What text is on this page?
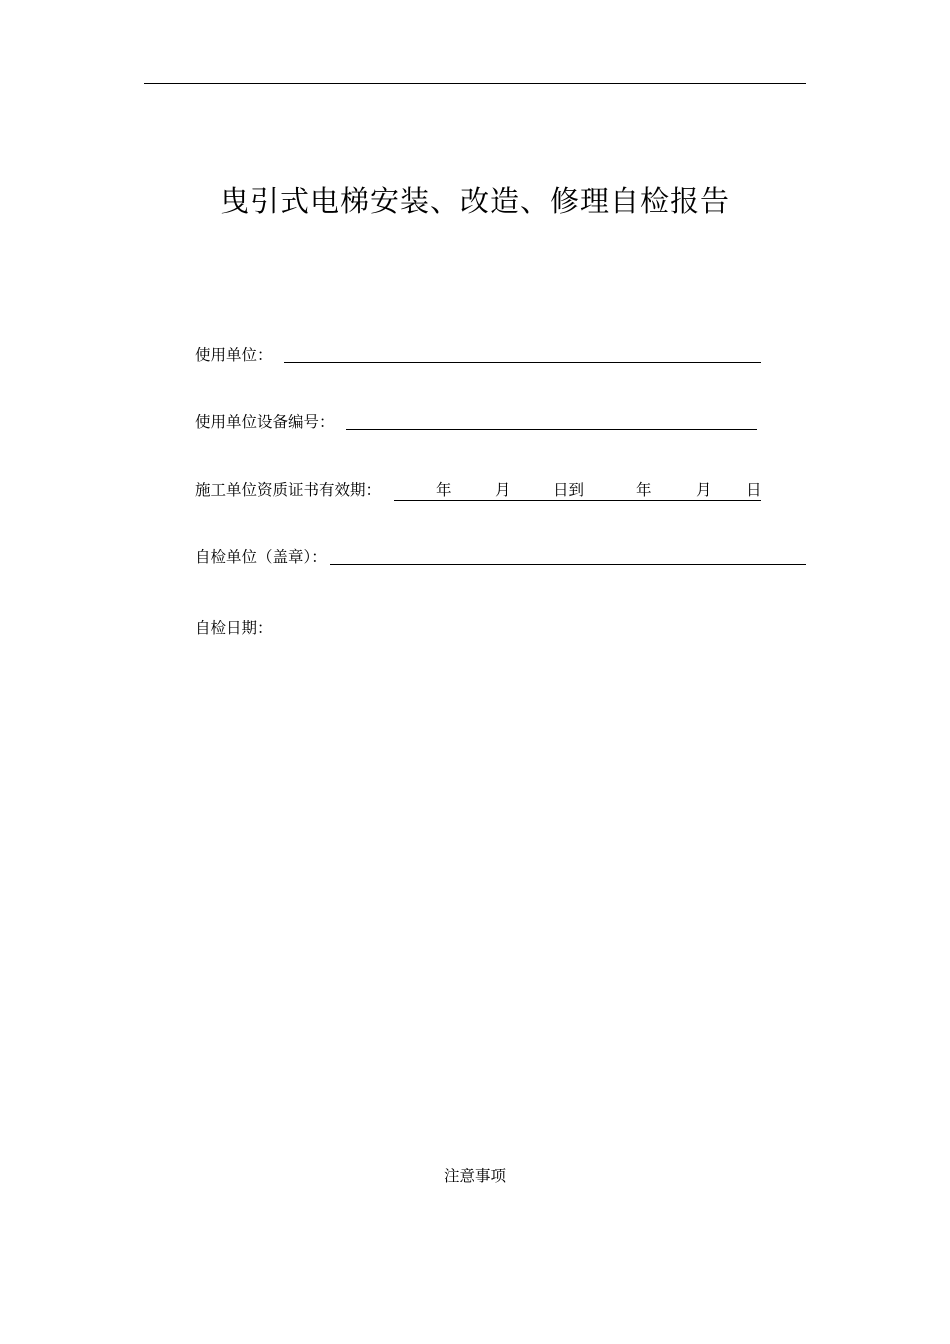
曳引式电梯安装、改造、修理自检报告
使用单位：
使用单位设备编号：
施工单位资质证书有效期：	年	月	日到	年	月 日
自检单位（盖章）：
自检日期：
注意事项
